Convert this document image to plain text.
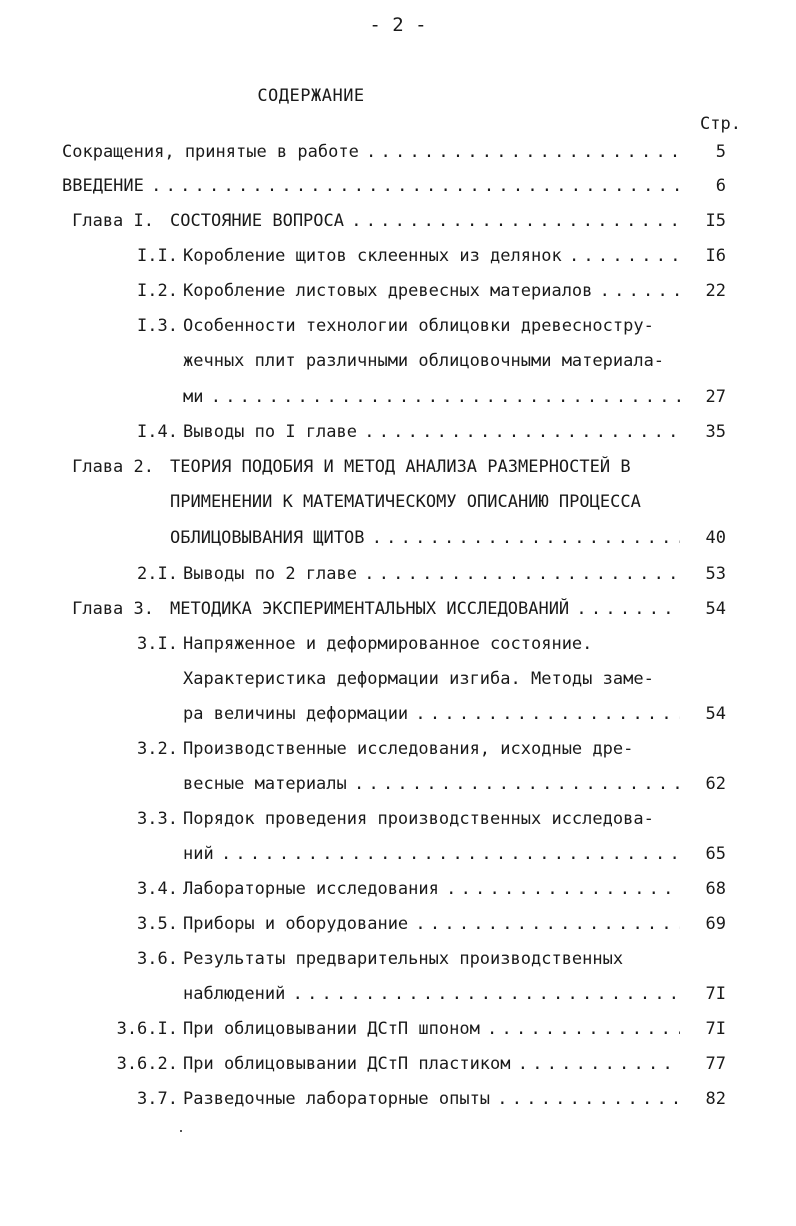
- 2 -
СОДЕРЖАНИЕ
Стр.
Сокращения, принятые в работе . . .	5
ВВЕДЕНИЕ . . .	6
Глава I. СОСТОЯНИЕ ВОПРОСА . . .	I5
I.I. Коробление щитов склеенных из делянок . . .	I6
I.2. Коробление листовых древесных материалов . . .	22
I.3. Особенности технологии облицовки древесностру-
жечных плит различными облицовочными материала-
ми . . .	27
I.4. Выводы по I главе . . .	35
Глава 2. ТЕОРИЯ ПОДОБИЯ И МЕТОД АНАЛИЗА РАЗМЕРНОСТЕЙ В
ПРИМЕНЕНИИ К МАТЕМАТИЧЕСКОМУ ОПИСАНИЮ ПРОЦЕССА
ОБЛИЦОВЫВАНИЯ ЩИТОВ . . .	40
2.I. Выводы по 2 главе . . .	53
Глава 3. МЕТОДИКА ЭКСПЕРИМЕНТАЛЬНЫХ ИССЛЕДОВАНИЙ . . .	54
3.I. Напряженное и деформированное состояние.
Характеристика деформации изгиба. Методы заме-
ра величины деформации . . .	54
3.2. Производственные исследования, исходные дре-
весные материалы . . .	62
3.3. Порядок проведения производственных исследова-
ний . . .	65
3.4. Лабораторные исследования . . .	68
3.5. Приборы и оборудование . . .	69
3.6. Результаты предварительных производственных
наблюдений . . .	7I
3.6.I. При облицовывании ДСтП шпоном . . .	7I
3.6.2. При облицовывании ДСтП пластиком . . .	77
3.7. Разведочные лабораторные опыты . . .	82
